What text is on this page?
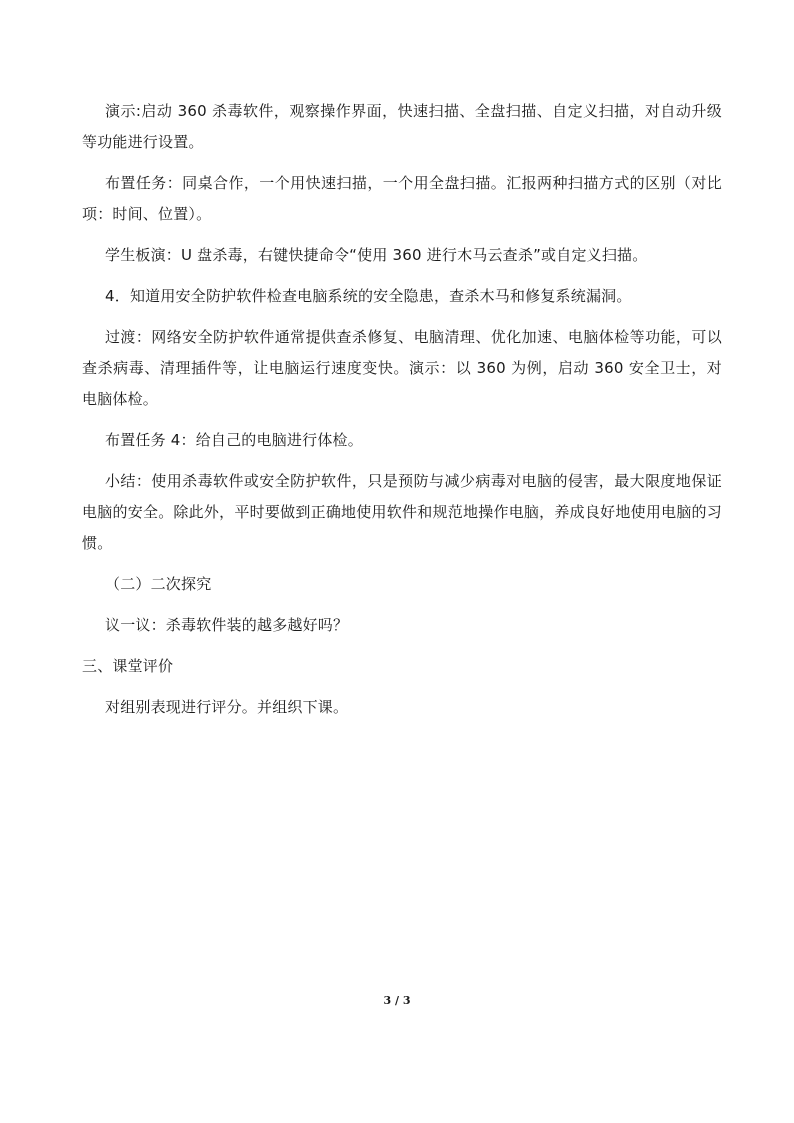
演示:启动 360 杀毒软件，观察操作界面，快速扫描、全盘扫描、自定义扫描，对自动升级等功能进行设置。

布置任务：同桌合作，一个用快速扫描，一个用全盘扫描。汇报两种扫描方式的区别（对比项：时间、位置）。

学生板演：U 盘杀毒，右键快捷命令“使用 360 进行木马云查杀”或自定义扫描。

4．知道用安全防护软件检查电脑系统的安全隐患，查杀木马和修复系统漏洞。

过渡：网络安全防护软件通常提供查杀修复、电脑清理、优化加速、电脑体检等功能，可以查杀病毒、清理插件等，让电脑运行速度变快。演示：以 360 为例，启动 360 安全卫士，对电脑体检。

布置任务 4：给自己的电脑进行体检。

小结：使用杀毒软件或安全防护软件，只是预防与减少病毒对电脑的侵害，最大限度地保证电脑的安全。除此外，平时要做到正确地使用软件和规范地操作电脑，养成良好地使用电脑的习惯。

（二）二次探究

议一议：杀毒软件装的越多越好吗？

三、课堂评价

对组别表现进行评分。并组织下课。

3 / 3
